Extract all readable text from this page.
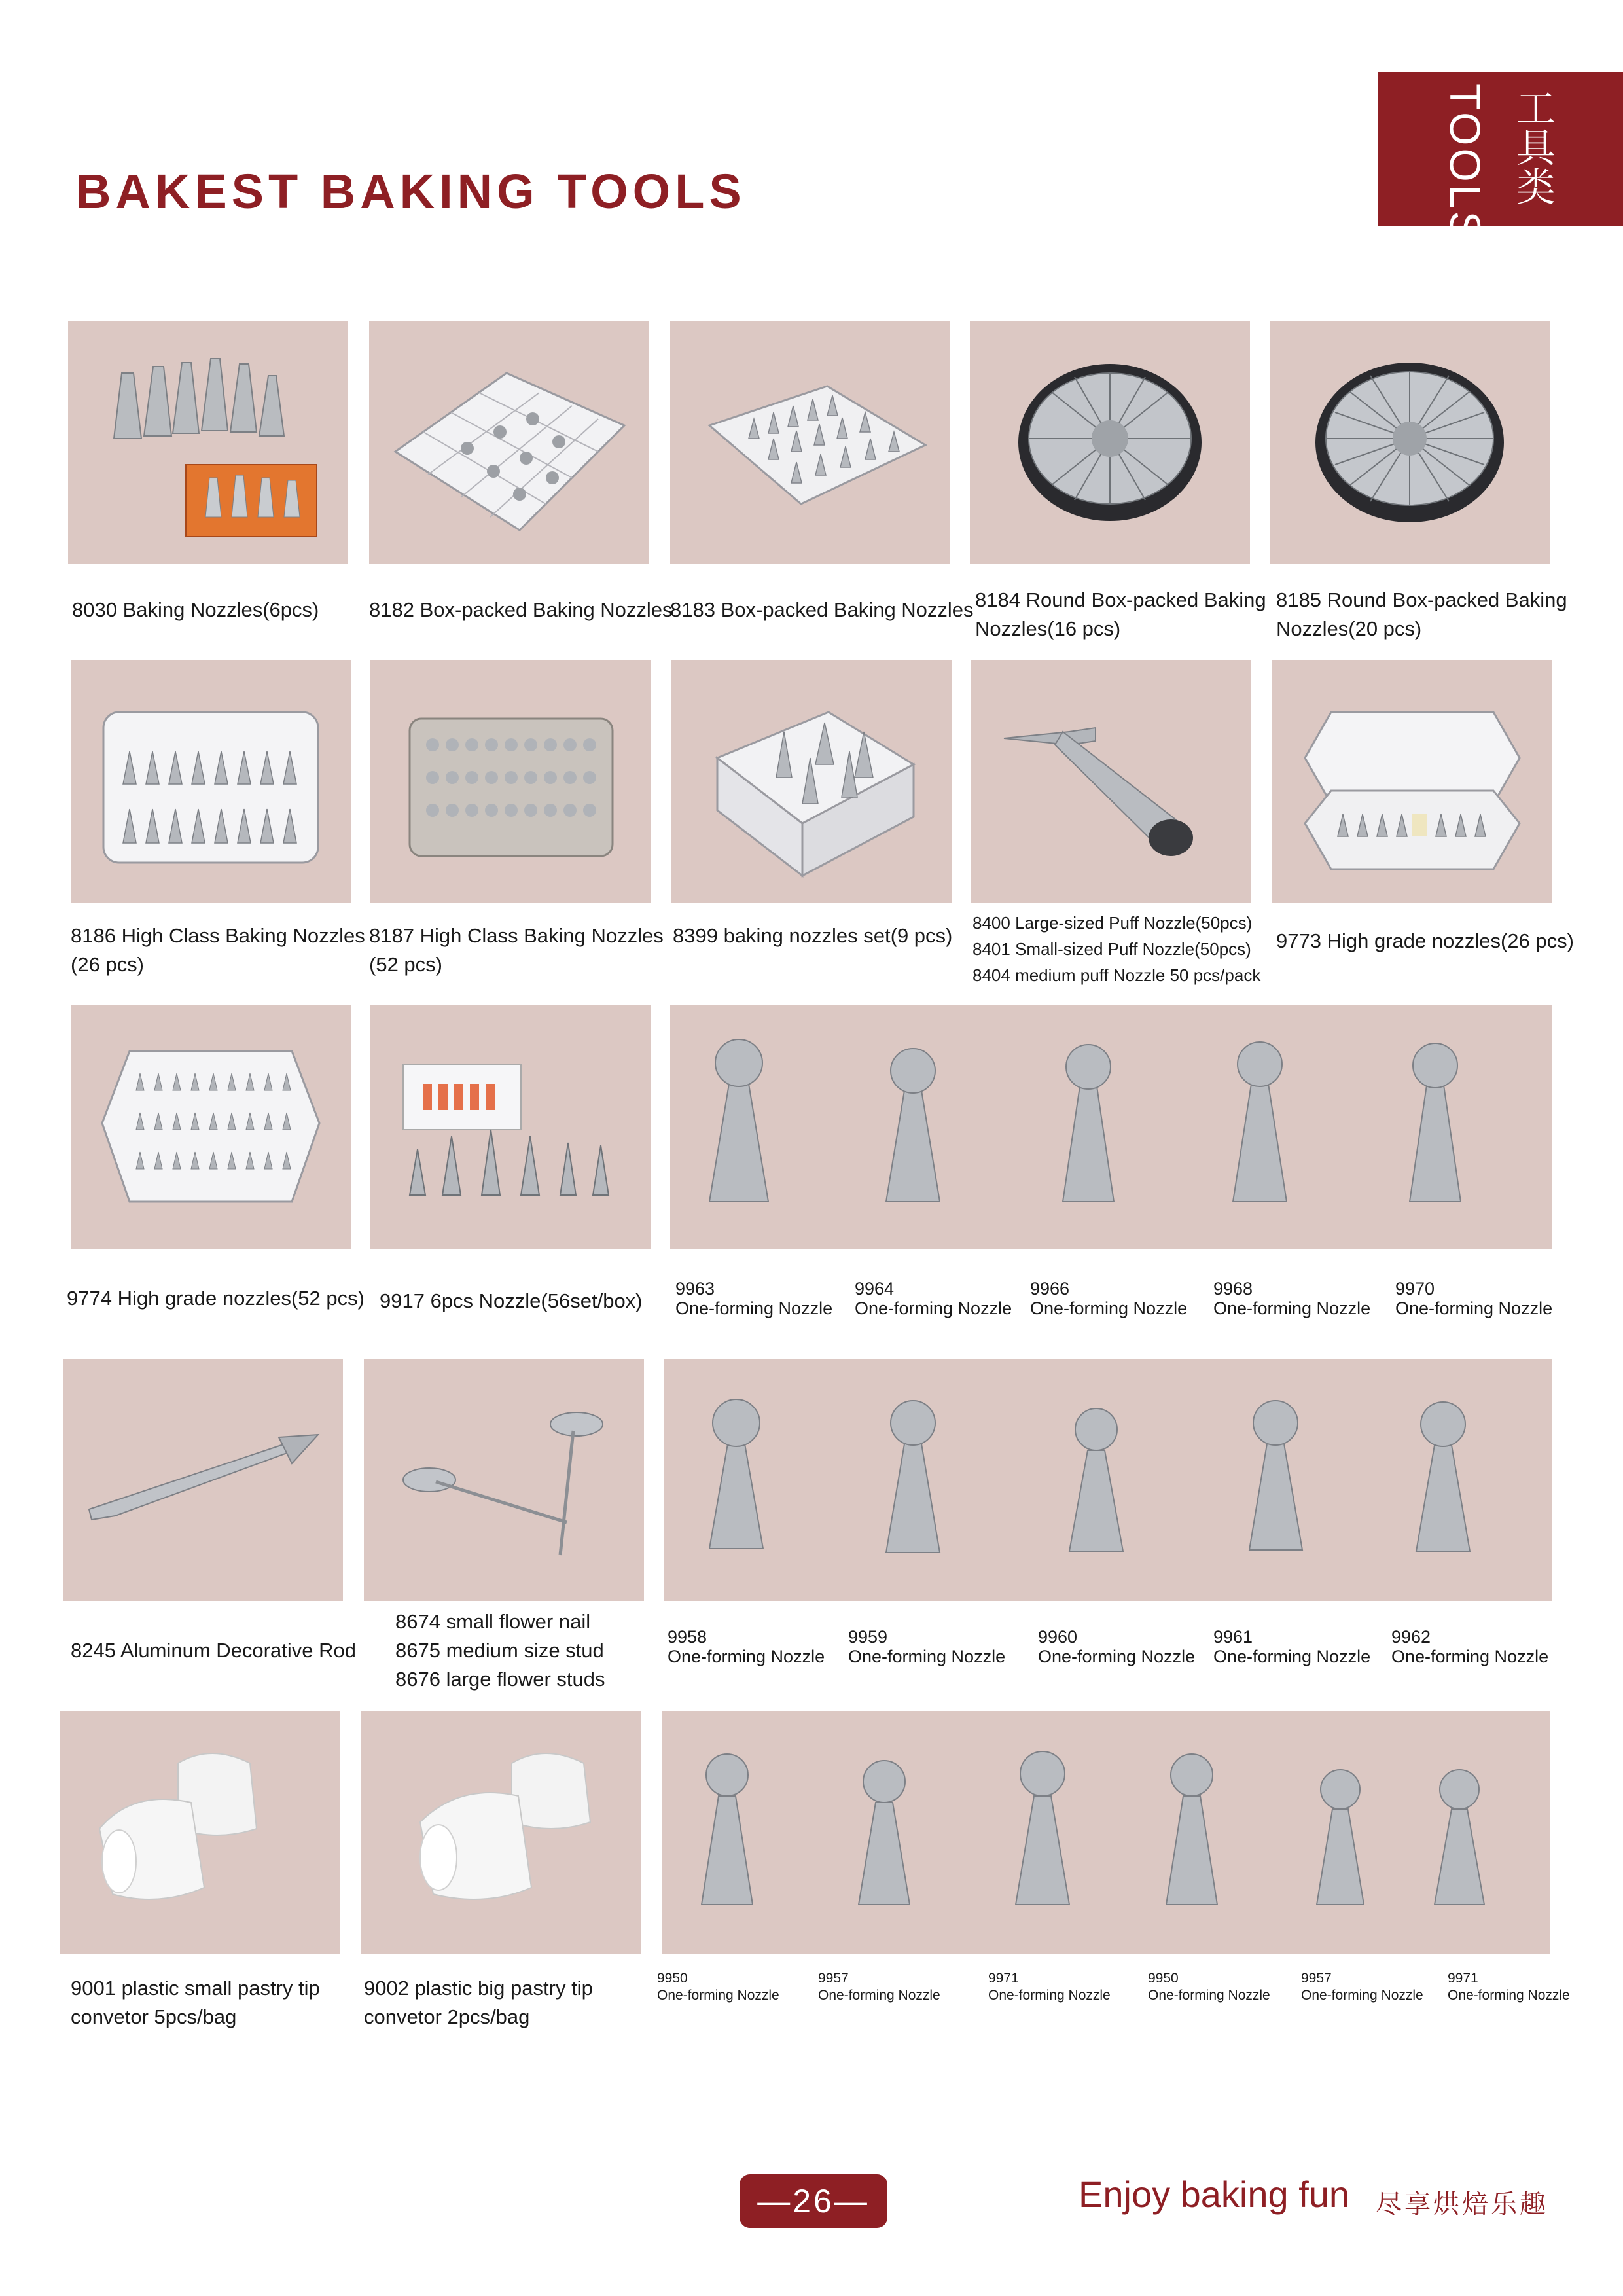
BAKEST BAKING TOOLS	TOOLS 工具类
8030 Baking Nozzles(6pcs) 8182 Box-packed Baking Nozzles
8183 Box-packed Baking Nozzles 8184 Round Box-packed Baking
Nozzles(16 pcs)
8185 Round Box-packed Baking
Nozzles(20 pcs)
8186 High Class Baking Nozzles
(26 pcs)
8187 High Class Baking Nozzles
(52 pcs)
8399 baking nozzles set(9 pcs)
8400 Large-sized Puff Nozzle(50pcs)
8401 Small-sized Puff Nozzle(50pcs)
8404 medium puff Nozzle 50 pcs/pack
9773 High grade nozzles(26 pcs)
9774 High grade nozzles(52 pcs) 9917 6pcs Nozzle(56set/box)
9963
One-forming Nozzle
9964
One-forming Nozzle
9966
One-forming Nozzle
9968
One-forming Nozzle
9970
One-forming Nozzle
8245 Aluminum Decorative Rod
8674 small flower nail
8675 medium size stud
8676 large flower studs
9958
One-forming Nozzle
9959
One-forming Nozzle
9960
One-forming Nozzle
9961
One-forming Nozzle
9962
One-forming Nozzle
9001 plastic small pastry tip
convetor 5pcs/bag
9002 plastic big pastry tip
convetor 2pcs/bag
9950
One-forming Nozzle
9957
One-forming Nozzle
9971
One-forming Nozzle
9950
One-forming Nozzle
9957
One-forming Nozzle
9971
One-forming Nozzle
—26—	Enjoy baking fun 尽享烘焙乐趣
